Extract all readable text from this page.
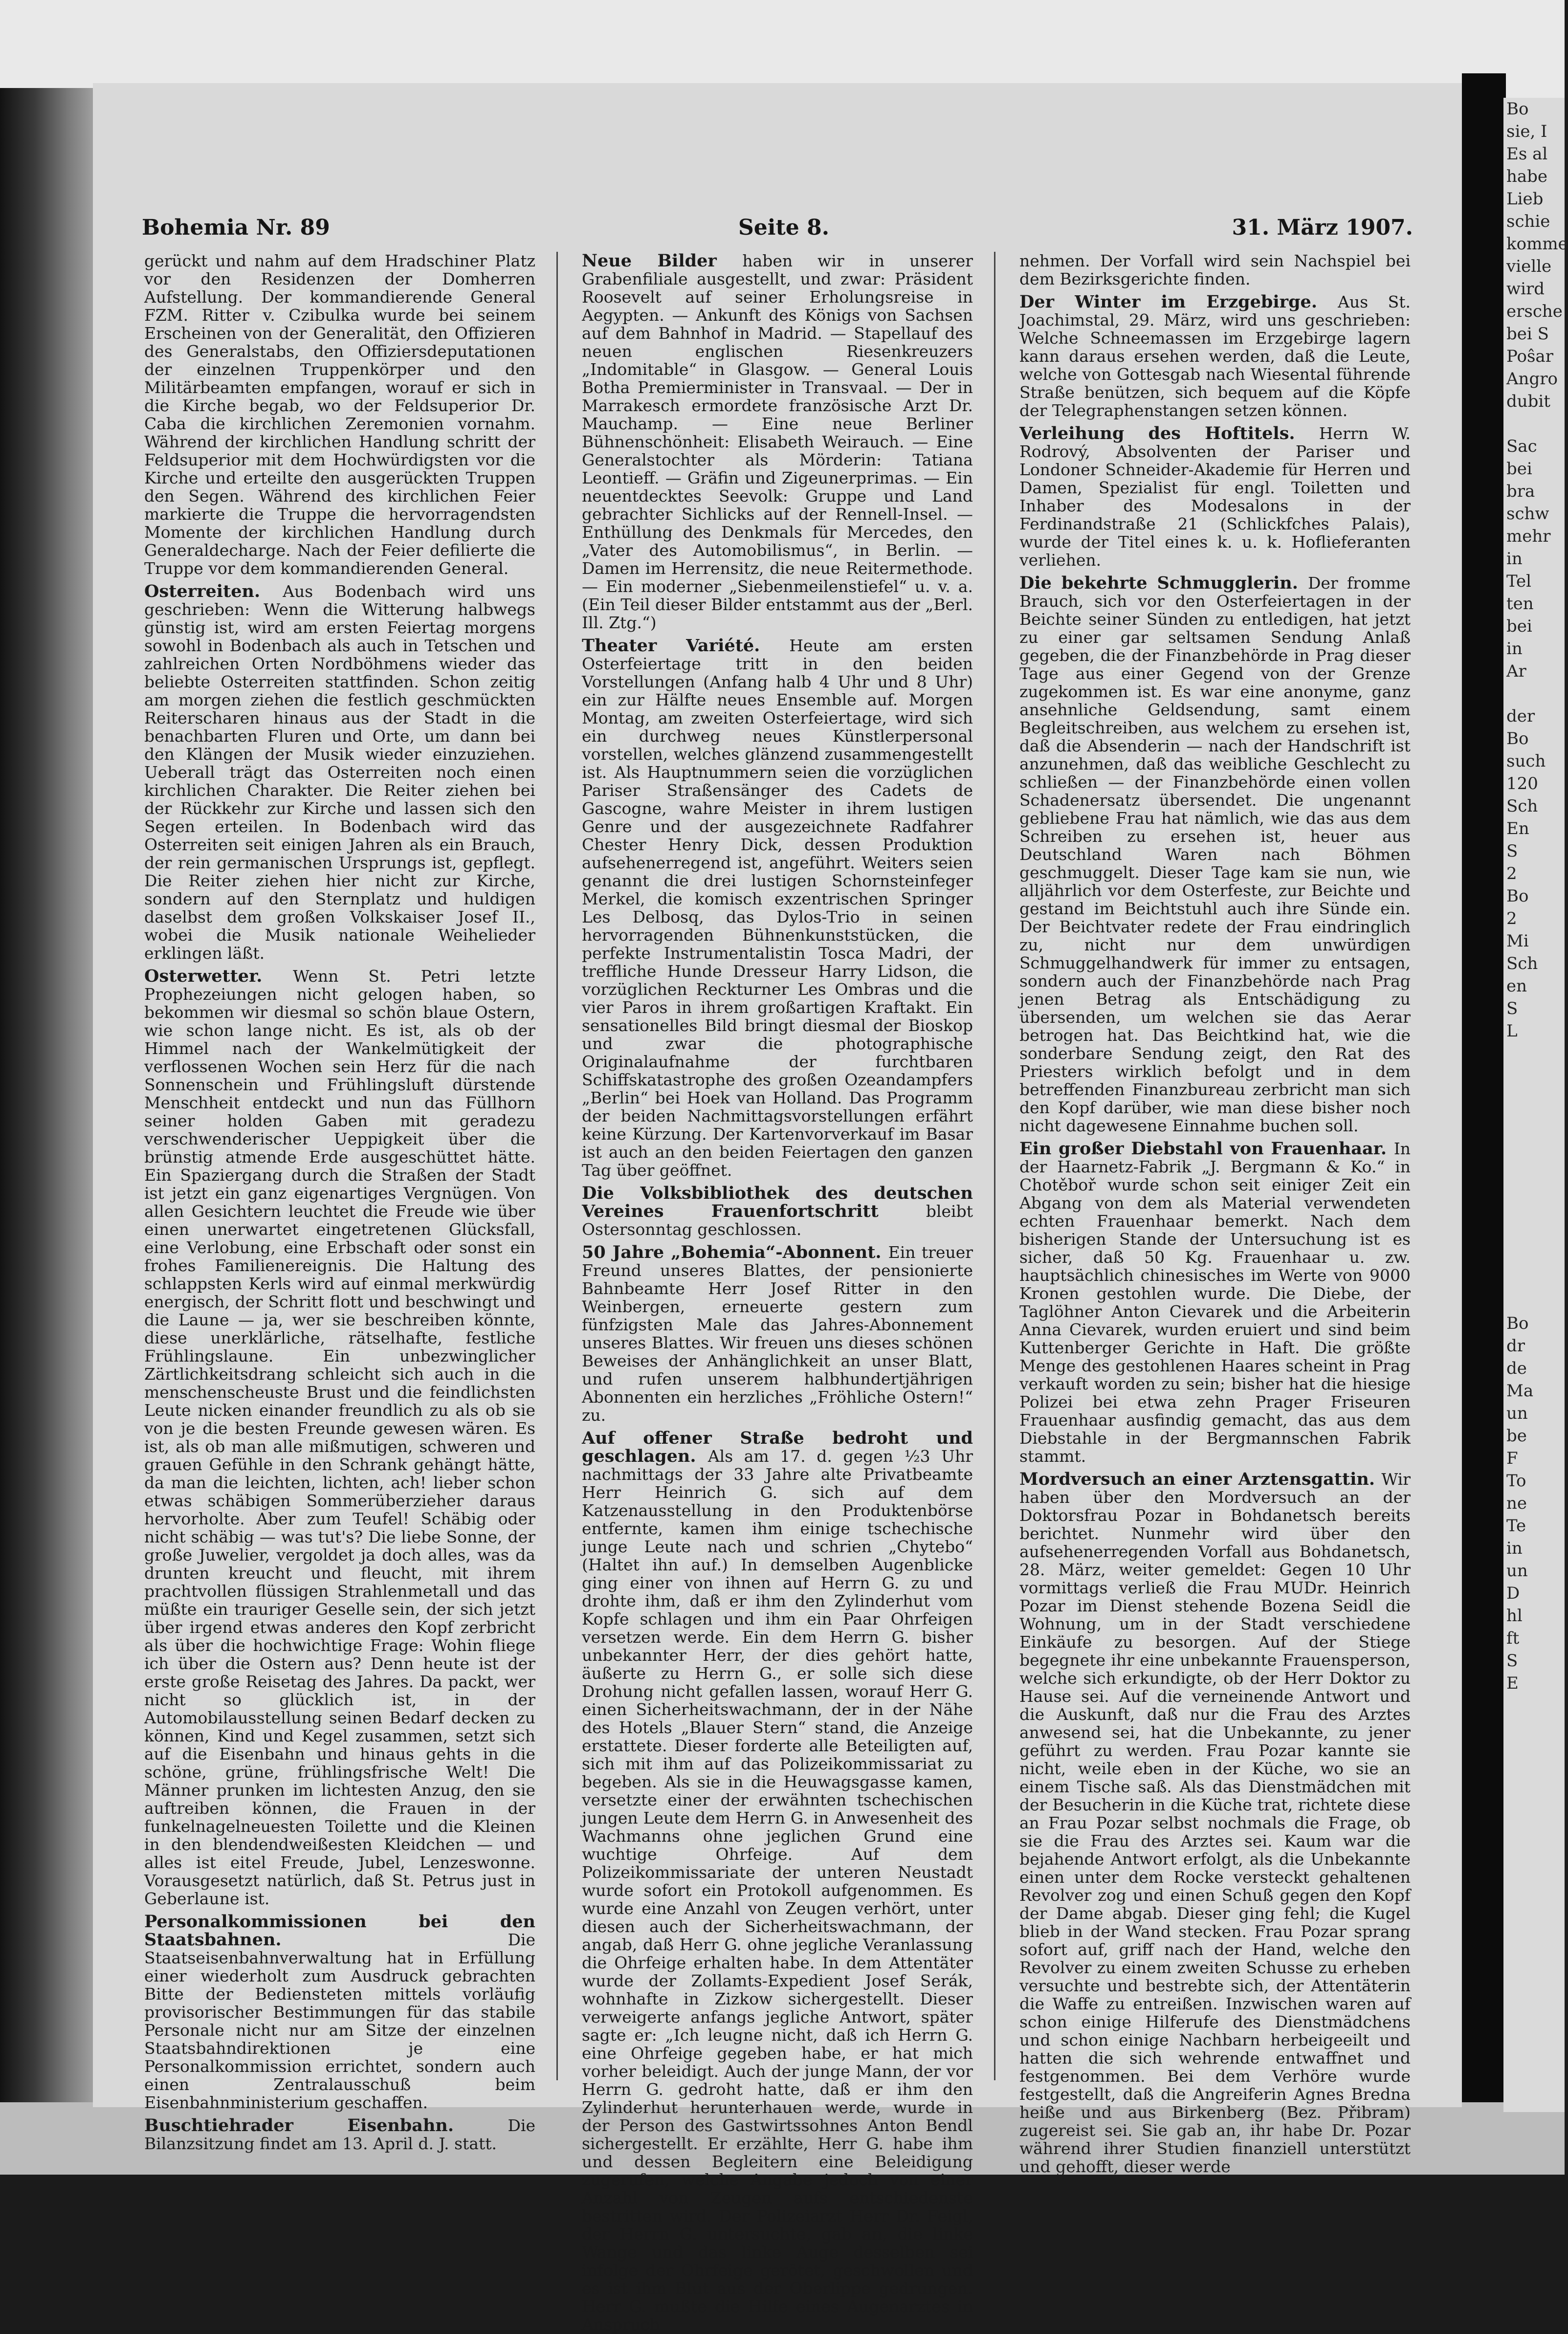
Bohemia Nr. 89	Seite 8.	31. März 1907.

gerückt und nahm auf dem Hradschiner Platz vor den Residenzen der Domherren Aufstellung. Der kommandierende General FZM. Ritter v. Czibulka wurde bei seinem Erscheinen von der Generalität, den Offizieren des Generalstabs, den Offiziersdeputationen der einzelnen Truppenkörper und den Militärbeamten empfangen, worauf er sich in die Kirche begab, wo der Feldsuperior Dr. Caba die kirchlichen Zeremonien vornahm. Während der kirchlichen Handlung schritt der Feldsuperior mit dem Hochwürdigsten vor die Kirche und erteilte den ausgerückten Truppen den Segen. Während des kirchlichen Feier markierte die Truppe die hervorragendsten Momente der kirchlichen Handlung durch Generaldecharge. Nach der Feier defilierte die Truppe vor dem kommandierenden General.

Osterreiten. Aus Bodenbach wird uns geschrieben: Wenn die Witterung halbwegs günstig ist, wird am ersten Feiertag morgens sowohl in Bodenbach als auch in Tetschen und zahlreichen Orten Nordböhmens wieder das beliebte Osterreiten stattfinden. Schon zeitig am morgen ziehen die festlich geschmückten Reiterscharen hinaus aus der Stadt in die benachbarten Fluren und Orte, um dann bei den Klängen der Musik wieder einzuziehen. Ueberall trägt das Osterreiten noch einen kirchlichen Charakter. Die Reiter ziehen bei der Rückkehr zur Kirche und lassen sich den Segen erteilen. In Bodenbach wird das Osterreiten seit einigen Jahren als ein Brauch, der rein germanischen Ursprungs ist, gepflegt. Die Reiter ziehen hier nicht zur Kirche, sondern auf den Sternplatz und huldigen daselbst dem großen Volkskaiser Josef II., wobei die Musik nationale Weihelieder erklingen läßt.

Osterwetter. Wenn St. Petri letzte Prophezeiungen nicht gelogen haben, so bekommen wir diesmal so schön blaue Ostern, wie schon lange nicht. Es ist, als ob der Himmel nach der Wankelmütigkeit der verflossenen Wochen sein Herz für die nach Sonnenschein und Frühlingsluft dürstende Menschheit entdeckt und nun das Füllhorn seiner holden Gaben mit geradezu verschwenderischer Ueppigkeit über die brünstig atmende Erde ausgeschüttet hätte. Ein Spaziergang durch die Straßen der Stadt ist jetzt ein ganz eigenartiges Vergnügen. Von allen Gesichtern leuchtet die Freude wie über einen unerwartet eingetretenen Glücksfall, eine Verlobung, eine Erbschaft oder sonst ein frohes Familienereignis. Die Haltung des schlappsten Kerls wird auf einmal merkwürdig energisch, der Schritt flott und beschwingt und die Laune — ja, wer sie beschreiben könnte, diese unerklärliche, rätselhafte, festliche Frühlingslaune. Ein unbezwinglicher Zärtlichkeitsdrang schleicht sich auch in die menschenscheuste Brust und die feindlichsten Leute nicken einander freundlich zu als ob sie von je die besten Freunde gewesen wären. Es ist, als ob man alle mißmutigen, schweren und grauen Gefühle in den Schrank gehängt hätte, da man die leichten, lichten, ach! lieber schon etwas schäbigen Sommerüberzieher daraus hervorholte. Aber zum Teufel! Schäbig oder nicht schäbig — was tut's? Die liebe Sonne, der große Juwelier, vergoldet ja doch alles, was da drunten kreucht und fleucht, mit ihrem prachtvollen flüssigen Strahlenmetall und das müßte ein trauriger Geselle sein, der sich jetzt über irgend etwas anderes den Kopf zerbricht als über die hochwichtige Frage: Wohin fliege ich über die Ostern aus? Denn heute ist der erste große Reisetag des Jahres. Da packt, wer nicht so glücklich ist, in der Automobilausstellung seinen Bedarf decken zu können, Kind und Kegel zusammen, setzt sich auf die Eisenbahn und hinaus gehts in die schöne, grüne, frühlingsfrische Welt! Die Männer prunken im lichtesten Anzug, den sie auftreiben können, die Frauen in der funkelnagelneuesten Toilette und die Kleinen in den blendendweißesten Kleidchen — und alles ist eitel Freude, Jubel, Lenzeswonne. Vorausgesetzt natürlich, daß St. Petrus just in Geberlaune ist.

Personalkommissionen bei den Staatsbahnen.	Die Staatseisenbahnverwaltung hat in Erfüllung einer wiederholt zum Ausdruck gebrachten Bitte der Bediensteten mittels vorläufig provisorischer Bestimmungen für das stabile Personale nicht nur am Sitze der einzelnen Staatsbahndirektionen je eine Personalkommission errichtet, sondern auch einen Zentralausschuß beim Eisenbahnministerium geschaffen.

Buschtiehrader Eisenbahn.	Die Bilanzsitzung findet am 13. April d. J. statt.

Neue Bilder haben wir in unserer Grabenfiliale ausgestellt, und zwar: Präsident Roosevelt auf seiner Erholungsreise in Aegypten. — Ankunft des Königs von Sachsen auf dem Bahnhof in Madrid. — Stapellauf des neuen englischen Riesenkreuzers „Indomitable“ in Glasgow. — General Louis Botha Premierminister in Transvaal. — Der in Marrakesch ermordete französische Arzt Dr. Mauchamp. — Eine neue Berliner Bühnenschönheit: Elisabeth Weirauch. — Eine Generalstochter als Mörderin: Tatiana Leontieff. — Gräfin und Zigeunerprimas. — Ein neuentdecktes Seevolk: Gruppe und Land gebrachter Sichlicks auf der Rennell-Insel. — Enthüllung des Denkmals für Mercedes, den „Vater des Automobilismus“, in Berlin. — Damen im Herrensitz, die neue Reitermethode. — Ein moderner „Siebenmeilenstiefel“ u. v. a. (Ein Teil dieser Bilder entstammt aus der „Berl. Ill. Ztg.“)

Theater Variété. Heute am ersten Osterfeiertage tritt in den beiden Vorstellungen (Anfang halb 4 Uhr und 8 Uhr) ein zur Hälfte neues Ensemble auf. Morgen Montag, am zweiten Osterfeiertage, wird sich ein durchweg neues Künstlerpersonal vorstellen, welches glänzend zusammengestellt ist. Als Hauptnummern seien die vorzüglichen Pariser Straßensänger des Cadets de Gascogne, wahre Meister in ihrem lustigen Genre und der ausgezeichnete Radfahrer Chester Henry Dick, dessen Produktion aufsehenerregend ist, angeführt. Weiters seien genannt die drei lustigen Schornsteinfeger Merkel, die komisch exzentrischen Springer Les Delbosq, das Dylos-Trio in seinen hervorragenden Bühnenkunststücken, die perfekte Instrumentalistin Tosca Madri, der treffliche Hunde Dresseur Harry Lidson, die vorzüglichen Reckturner Les Ombras und die vier Paros in ihrem großartigen Kraftakt. Ein sensationelles Bild bringt diesmal der Bioskop und zwar die photographische Originalaufnahme der furchtbaren Schiffskatastrophe des großen Ozeandampfers „Berlin“ bei Hoek van Holland. Das Programm der beiden Nachmittagsvorstellungen erfährt keine Kürzung. Der Kartenvorverkauf im Basar ist auch an den beiden Feiertagen den ganzen Tag über geöffnet.

Die Volksbibliothek des deutschen Vereines Frauenfortschritt	bleibt Ostersonntag geschlossen.

50 Jahre „Bohemia“-Abonnent. Ein treuer Freund unseres Blattes, der pensionierte Bahnbeamte Herr Josef Ritter in den Weinbergen, erneuerte gestern zum fünfzigsten Male das Jahres-Abonnement unseres Blattes. Wir freuen uns dieses schönen Beweises der Anhänglichkeit an unser Blatt, und rufen unserem halbhundertjährigen Abonnenten ein herzliches „Fröhliche Ostern!“ zu.

Auf offener Straße bedroht und geschlagen. Als am 17. d. gegen ½3 Uhr nachmittags der 33 Jahre alte Privatbeamte Herr Heinrich G. sich auf dem Katzenausstellung in den Produktenbörse entfernte, kamen ihm einige tschechische junge Leute nach und schrien „Chytebo“ (Haltet ihn auf.) In demselben Augenblicke ging einer von ihnen auf Herrn G. zu und drohte ihm, daß er ihm den Zylinderhut vom Kopfe schlagen und ihm ein Paar Ohrfeigen versetzen werde. Ein dem Herrn G. bisher unbekannter Herr, der dies gehört hatte, äußerte zu Herrn G., er solle sich diese Drohung nicht gefallen lassen, worauf Herr G. einen Sicherheitswachmann, der in der Nähe des Hotels „Blauer Stern“ stand, die Anzeige erstattete. Dieser forderte alle Beteiligten auf, sich mit ihm auf das Polizeikommissariat zu begeben. Als sie in die Heuwagsgasse kamen, versetzte einer der erwähnten tschechischen jungen Leute dem Herrn G. in Anwesenheit des Wachmanns ohne jeglichen Grund eine wuchtige Ohrfeige. Auf dem Polizeikommissariate der unteren Neustadt wurde sofort ein Protokoll aufgenommen. Es wurde eine Anzahl von Zeugen verhört, unter diesen auch der Sicherheitswachmann, der angab, daß Herr G. ohne jegliche Veranlassung die Ohrfeige erhalten habe. In dem Attentäter wurde der Zollamts-Expedient Josef Serák, wohnhafte in Zizkow sichergestellt. Dieser verweigerte anfangs jegliche Antwort, später sagte er: „Ich leugne nicht, daß ich Herrn G. eine Ohrfeige gegeben habe, er hat mich vorher beleidigt. Auch der junge Mann, der vor Herrn G. gedroht hatte, daß er ihm den Zylinderhut herunterhauen werde, wurde in der Person des Gastwirtssohnes Anton Bendl sichergestellt. Er erzählte, Herr G. habe ihm und dessen Begleitern eine Beleidigung zugerufen, welche Angabe jedoch von einer Anzahl von Zeugen aufs entschiedenste bestritten wird. Der Polizeiarzt Herr Dr. Feigl, der Herrn G. untersuchte, gab an, die linke Wange und das linke Auge desselben sei infolge der Ohrfeige gerötet, geschwollen und es ist ihm Blut aus der Oberlippe gedrungen. Herr G. mußte die Hilfe eines Augenarztes in Anspruch

nehmen. Der Vorfall wird sein Nachspiel bei dem Bezirksgerichte finden.

Der Winter im Erzgebirge. Aus St. Joachimstal, 29. März, wird uns geschrieben: Welche Schneemassen im Erzgebirge lagern kann daraus ersehen werden, daß die Leute, welche von Gottesgab nach Wiesental führende Straße benützen, sich bequem auf die Köpfe der Telegraphenstangen setzen können.

Verleihung des Hoftitels. Herrn W. Rodrový, Absolventen der Pariser und Londoner Schneider-Akademie für Herren und Damen, Spezialist für engl. Toiletten und Inhaber des Modesalons in der Ferdinandstraße 21 (Schlickfches Palais), wurde der Titel eines k. u. k. Hoflieferanten verliehen.

Die bekehrte Schmugglerin. Der fromme Brauch, sich vor den Osterfeiertagen in der Beichte seiner Sünden zu entledigen, hat jetzt zu einer gar seltsamen Sendung Anlaß gegeben, die der Finanzbehörde in Prag dieser Tage aus einer Gegend von der Grenze zugekommen ist. Es war eine anonyme, ganz ansehnliche Geldsendung, samt einem Begleitschreiben, aus welchem zu ersehen ist, daß die Absenderin — nach der Handschrift ist anzunehmen, daß das weibliche Geschlecht zu schließen — der Finanzbehörde einen vollen Schadenersatz übersendet. Die ungenannt gebliebene Frau hat nämlich, wie das aus dem Schreiben zu ersehen ist, heuer aus Deutschland Waren nach Böhmen geschmuggelt. Dieser Tage kam sie nun, wie alljährlich vor dem Osterfeste, zur Beichte und gestand im Beichtstuhl auch ihre Sünde ein. Der Beichtvater redete der Frau eindringlich zu, nicht nur dem unwürdigen Schmuggelhandwerk für immer zu entsagen, sondern auch der Finanzbehörde nach Prag jenen Betrag als Entschädigung zu übersenden, um welchen sie das Aerar betrogen hat. Das Beichtkind hat, wie die sonderbare Sendung zeigt, den Rat des Priesters wirklich befolgt und in dem betreffenden Finanzbureau zerbricht man sich den Kopf darüber, wie man diese bisher noch nicht dagewesene Einnahme buchen soll.

Ein großer Diebstahl von Frauenhaar. In der Haarnetz-Fabrik „J. Bergmann & Ko.“ in Chotěboř wurde schon seit einiger Zeit ein Abgang von dem als Material verwendeten echten Frauenhaar bemerkt. Nach dem bisherigen Stande der Untersuchung ist es sicher, daß 50 Kg. Frauenhaar u. zw. hauptsächlich chinesisches im Werte von 9000 Kronen gestohlen wurde. Die Diebe, der Taglöhner Anton Cievarek und die Arbeiterin Anna Cievarek, wurden eruiert und sind beim Kuttenberger Gerichte in Haft. Die größte Menge des gestohlenen Haares scheint in Prag verkauft worden zu sein; bisher hat die hiesige Polizei bei etwa zehn Prager Friseuren Frauenhaar ausfindig gemacht, das aus dem Diebstahle in der Bergmannschen Fabrik stammt.

Mordversuch an einer Arztensgattin. Wir haben über den Mordversuch an der Doktorsfrau Pozar in Bohdanetsch bereits berichtet. Nunmehr wird über den aufsehenerregenden Vorfall aus Bohdanetsch, 28. März, weiter gemeldet: Gegen 10 Uhr vormittags verließ die Frau MUDr. Heinrich Pozar im Dienst stehende Bozena Seidl die Wohnung, um in der Stadt verschiedene Einkäufe zu besorgen. Auf der Stiege begegnete ihr eine unbekannte Frauensperson, welche sich erkundigte, ob der Herr Doktor zu Hause sei. Auf die verneinende Antwort und die Auskunft, daß nur die Frau des Arztes anwesend sei, hat die Unbekannte, zu jener geführt zu werden. Frau Pozar kannte sie nicht, weile eben in der Küche, wo sie an einem Tische saß. Als das Dienstmädchen mit der Besucherin in die Küche trat, richtete diese an Frau Pozar selbst nochmals die Frage, ob sie die Frau des Arztes sei. Kaum war die bejahende Antwort erfolgt, als die Unbekannte einen unter dem Rocke versteckt gehaltenen Revolver zog und einen Schuß gegen den Kopf der Dame abgab. Dieser ging fehl; die Kugel blieb in der Wand stecken. Frau Pozar sprang sofort auf, griff nach der Hand, welche den Revolver zu einem zweiten Schusse zu erheben versuchte und bestrebte sich, der Attentäterin die Waffe zu entreißen. Inzwischen waren auf schon einige Hilferufe des Dienstmädchens und schon einige Nachbarn herbeigeeilt und hatten die sich wehrende entwaffnet und festgenommen. Bei dem Verhöre wurde festgestellt, daß die Angreiferin Agnes Bredna heiße und aus Birkenberg (Bez. Přibram) zugereist sei. Sie gab an, ihr habe Dr. Pozar während ihrer Studien finanziell unterstützt und gehofft, dieser werde

Bo
sie, I
Es al
habe
Lieb
schie
komme
vielle
wird
ersche
bei S
Poŝar
Angro
dubit

Sac
bei
bra
schw
mehr
in
Tel
ten
bei
in
Ar

der
Bo
such
120
Sch
En
S
2
Bo
2
Mi
Sch
en
S
L

Bo
dr
de
Ma
un
be
F
To
ne
Te
in
un
D
hl
ft
S
E
